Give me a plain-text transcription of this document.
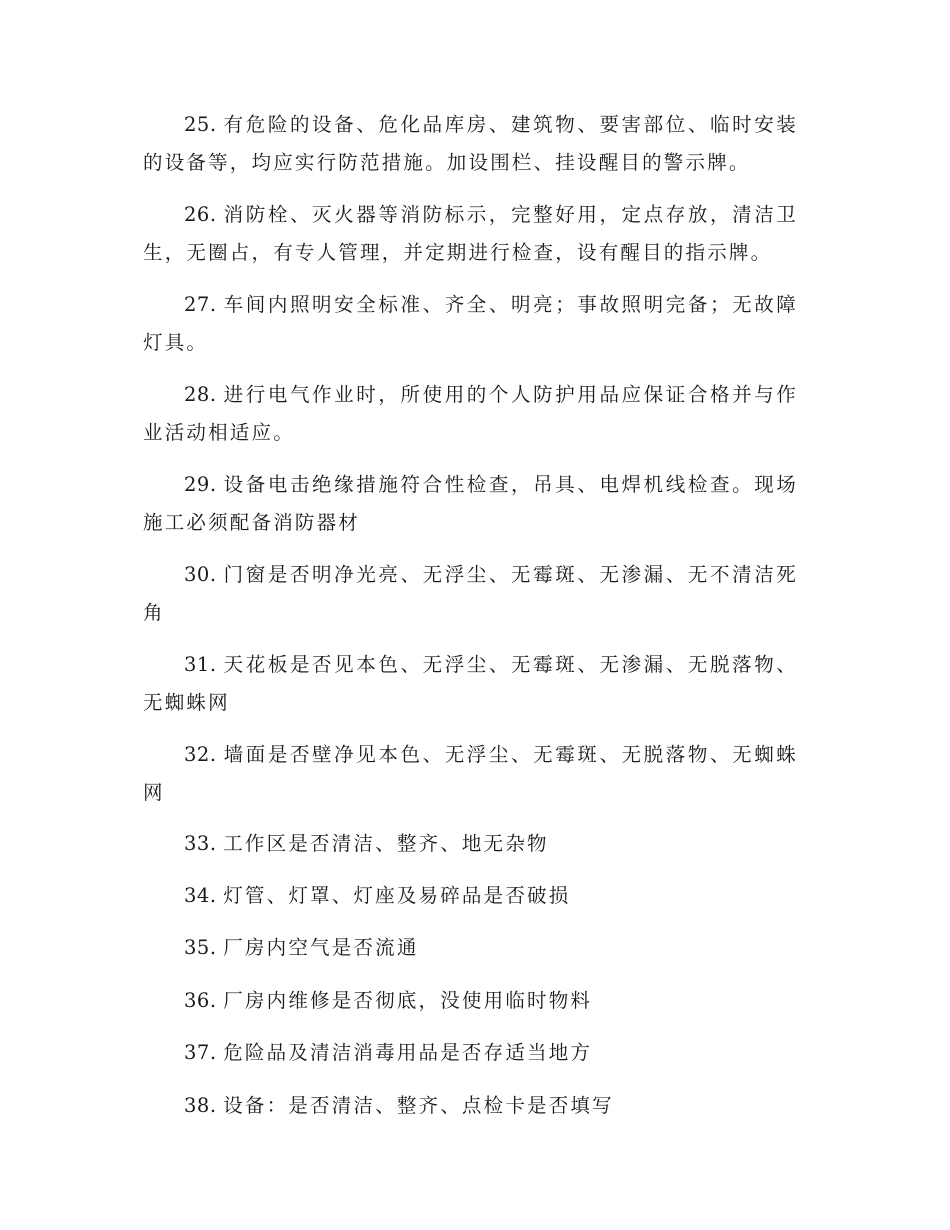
25. 有危险的设备、危化品库房、建筑物、要害部位、临时安装的设备等，均应实行防范措施。加设围栏、挂设醒目的警示牌。

26. 消防栓、灭火器等消防标示，完整好用，定点存放，清洁卫生，无圈占，有专人管理，并定期进行检查，设有醒目的指示牌。

27. 车间内照明安全标准、齐全、明亮；事故照明完备；无故障灯具。

28. 进行电气作业时，所使用的个人防护用品应保证合格并与作业活动相适应。

29. 设备电击绝缘措施符合性检查，吊具、电焊机线检查。现场施工必须配备消防器材

30. 门窗是否明净光亮、无浮尘、无霉斑、无渗漏、无不清洁死角

31. 天花板是否见本色、无浮尘、无霉斑、无渗漏、无脱落物、无蜘蛛网

32. 墙面是否壁净见本色、无浮尘、无霉斑、无脱落物、无蜘蛛网

33. 工作区是否清洁、整齐、地无杂物

34. 灯管、灯罩、灯座及易碎品是否破损

35. 厂房内空气是否流通

36. 厂房内维修是否彻底，没使用临时物料

37. 危险品及清洁消毒用品是否存适当地方

38. 设备：是否清洁、整齐、点检卡是否填写
